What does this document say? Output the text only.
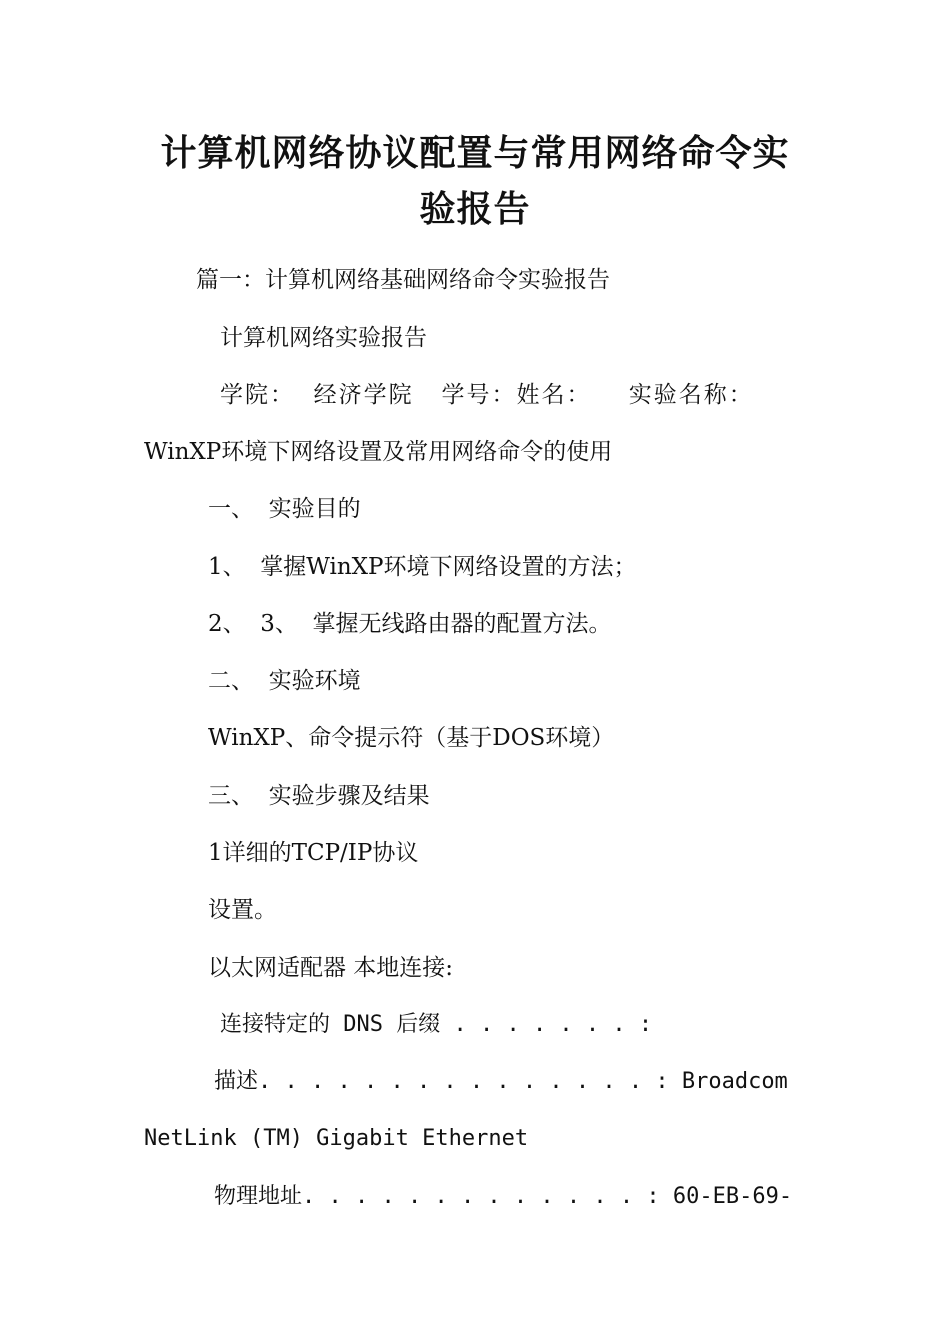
计算机网络协议配置与常用网络命令实
验报告
篇一：计算机网络基础网络命令实验报告
计算机网络实验报告
学院：  经济学院   学号：姓名：    实验名称：
WinXP环境下网络设置及常用网络命令的使用
一、  实验目的
1、  掌握WinXP环境下网络设置的方法；
2、  3、  掌握无线路由器的配置方法。
二、  实验环境
WinXP、命令提示符（基于DOS环境）
三、  实验步骤及结果
1详细的TCP/IP协议
设置。
以太网适配器 本地连接:
连接特定的 DNS 后缀 . . . . . . . :
描述. . . . . . . . . . . . . . . : Broadcom
NetLink (TM) Gigabit Ethernet
物理地址. . . . . . . . . . . . . : 60-EB-69-
